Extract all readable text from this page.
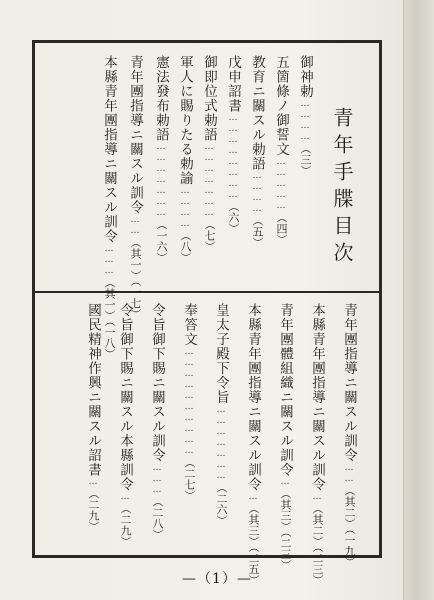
青年手牒目次
御神勅
…………
（三）
五箇條ノ御誓文
……………
（四）
教育ニ關スル勅語
…………
（五）
戊申詔書
……………………
（六）
御即位式勅語
…………………
（七）
軍人に賜りたる勅諭
…………
（八）
憲法發布勅語
…………………
（一六）
青年團指導ニ關スル訓令
……
（其一）（一七）
本縣青年團指導ニ關スル訓令
………
（其一）（一八）	青年團指導ニ關スル訓令
……
（其二）（一九）
本縣青年團指導ニ關スル訓令
…
（其二）（二三）
青年團體組織ニ關スル訓令
…
（其三）（二三）
本縣青年團指導ニ關スル訓令
…
（其三）（二五）
皇太子殿下令旨
…………………
（二六）
奉答文
…………………………
（二七）
令旨御下賜ニ關スル訓令
………
（二八）
令旨御下賜ニ關スル本縣訓令
…
（二九）
國民精神作興ニ關スル詔書
…
（二九）
—（1）—
